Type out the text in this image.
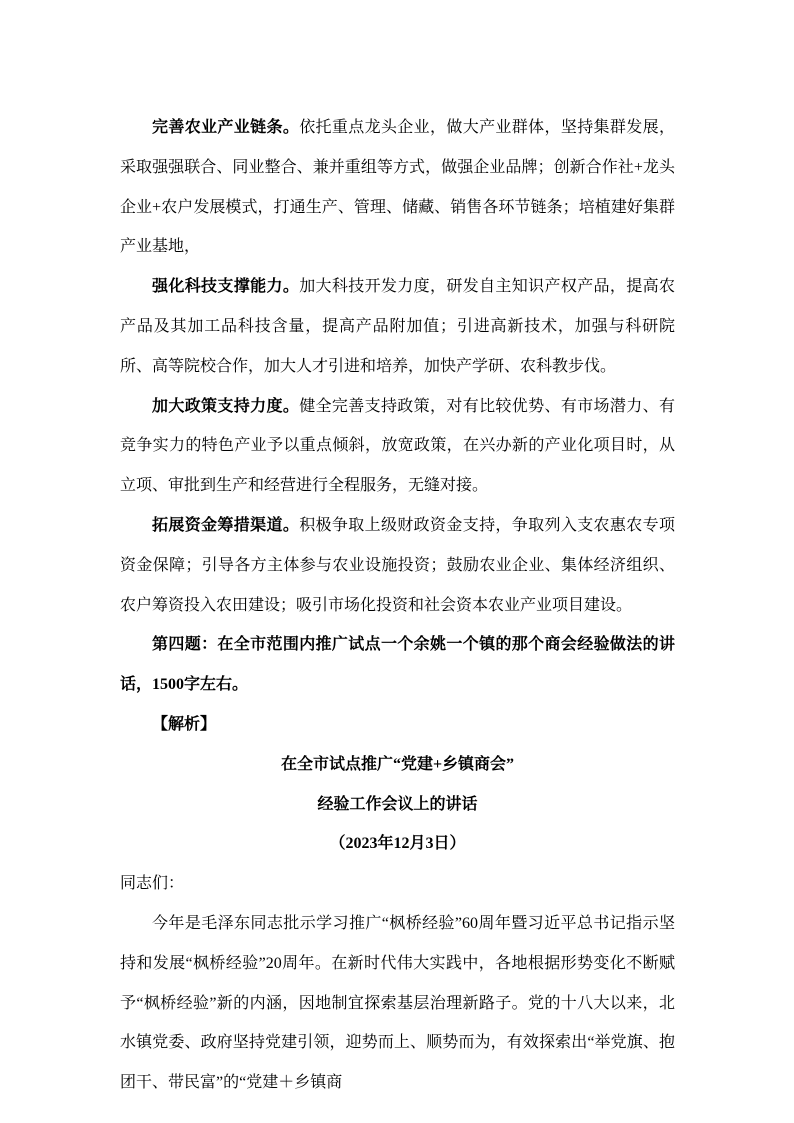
完善农业产业链条。依托重点龙头企业，做大产业群体，坚持集群发展，采取强强联合、同业整合、兼并重组等方式，做强企业品牌；创新合作社+龙头企业+农户发展模式，打通生产、管理、储藏、销售各环节链条；培植建好集群产业基地，

强化科技支撑能力。加大科技开发力度，研发自主知识产权产品，提高农产品及其加工品科技含量，提高产品附加值；引进高新技术，加强与科研院所、高等院校合作，加大人才引进和培养，加快产学研、农科教步伐。

加大政策支持力度。健全完善支持政策，对有比较优势、有市场潜力、有竞争实力的特色产业予以重点倾斜，放宽政策，在兴办新的产业化项目时，从立项、审批到生产和经营进行全程服务，无缝对接。

拓展资金筹措渠道。积极争取上级财政资金支持，争取列入支农惠农专项资金保障；引导各方主体参与农业设施投资；鼓励农业企业、集体经济组织、农户筹资投入农田建设；吸引市场化投资和社会资本农业产业项目建设。

第四题：在全市范围内推广试点一个余姚一个镇的那个商会经验做法的讲话，1500字左右。

【解析】

在全市试点推广“党建+乡镇商会”

经验工作会议上的讲话

（2023年12月3日）

同志们：

今年是毛泽东同志批示学习推广“枫桥经验”60周年暨习近平总书记指示坚持和发展“枫桥经验”20周年。在新时代伟大实践中，各地根据形势变化不断赋予“枫桥经验”新的内涵，因地制宜探索基层治理新路子。党的十八大以来，北水镇党委、政府坚持党建引领，迎势而上、顺势而为，有效探索出“举党旗、抱团干、带民富”的“党建＋乡镇商
